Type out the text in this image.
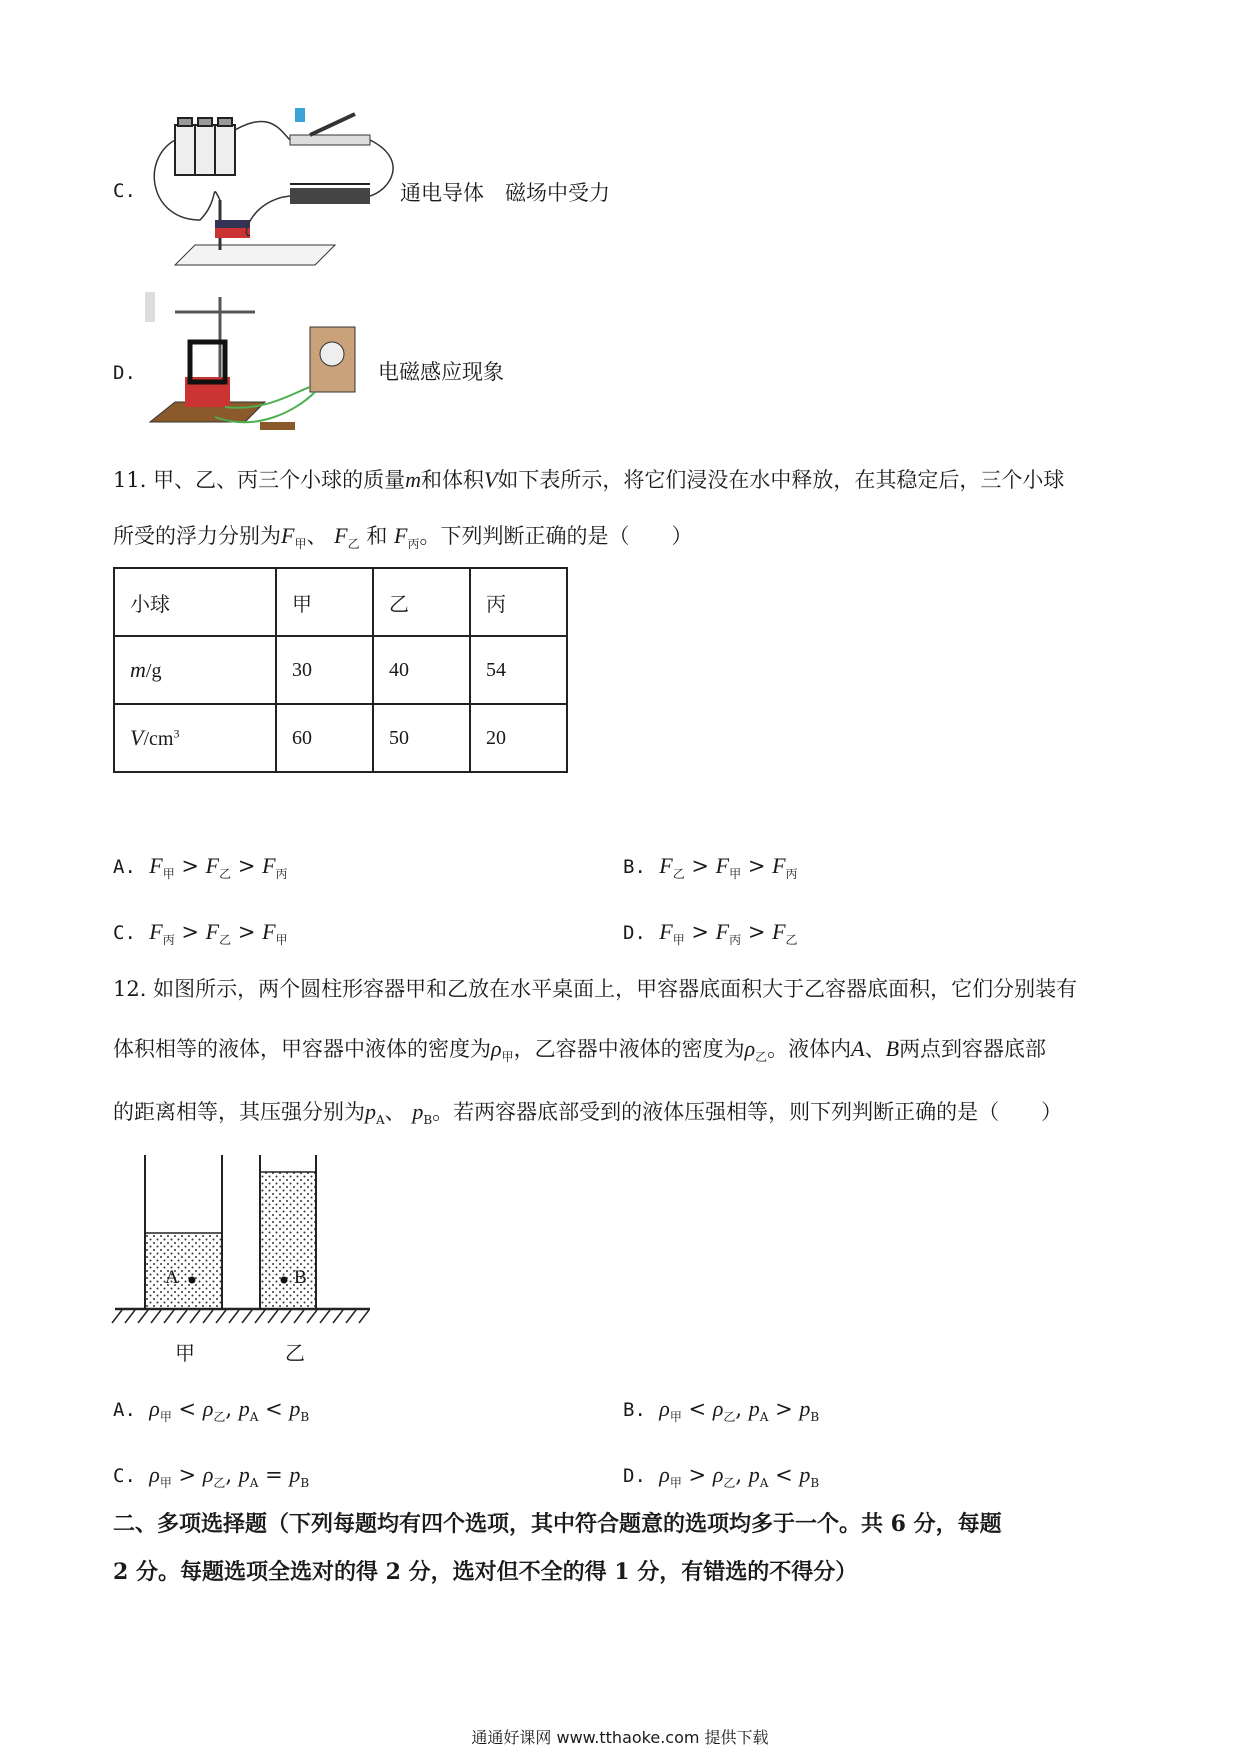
C.	通电导体　磁场中受力
D.	电磁感应现象
11. 甲、乙、丙三个小球的质量m和体积V如下表所示，将它们浸没在水中释放，在其稳定后，三个小球
所受的浮力分别为$F_甲$、 $F_乙$ 和 $F_丙$。下列判断正确的是（　　）
小球	甲	乙	丙
m/g	30	40	54
$V/cm^3$	60	50	20
A. $F_甲 > F_乙 > F_丙$	B. $F_乙 > F_甲 > F_丙$
C. $F_丙 > F_乙 > F_甲$	D. $F_甲 > F_丙 > F_乙$
12. 如图所示，两个圆柱形容器甲和乙放在水平桌面上，甲容器底面积大于乙容器底面积，它们分别装有
体积相等的液体，甲容器中液体的密度为$\rho_甲$，乙容器中液体的密度为$\rho_乙$。液体内A、B两点到容器底部
的距离相等，其压强分别为$p_A$、 $p_B$。若两容器底部受到的液体压强相等，则下列判断正确的是（　　）
A	B
甲	乙
A. $\rho_甲 < \rho_乙$, $p_A < p_B$	B. $\rho_甲 < \rho_乙$, $p_A > p_B$
C. $\rho_甲 > \rho_乙$, $p_A = p_B$	D. $\rho_甲 > \rho_乙$, $p_A < p_B$
二、多项选择题（下列每题均有四个选项，其中符合题意的选项均多于一个。共 6 分，每题
2 分。每题选项全选对的得 2 分，选对但不全的得 1 分，有错选的不得分）
通通好课网 www.tthaoke.com 提供下载
